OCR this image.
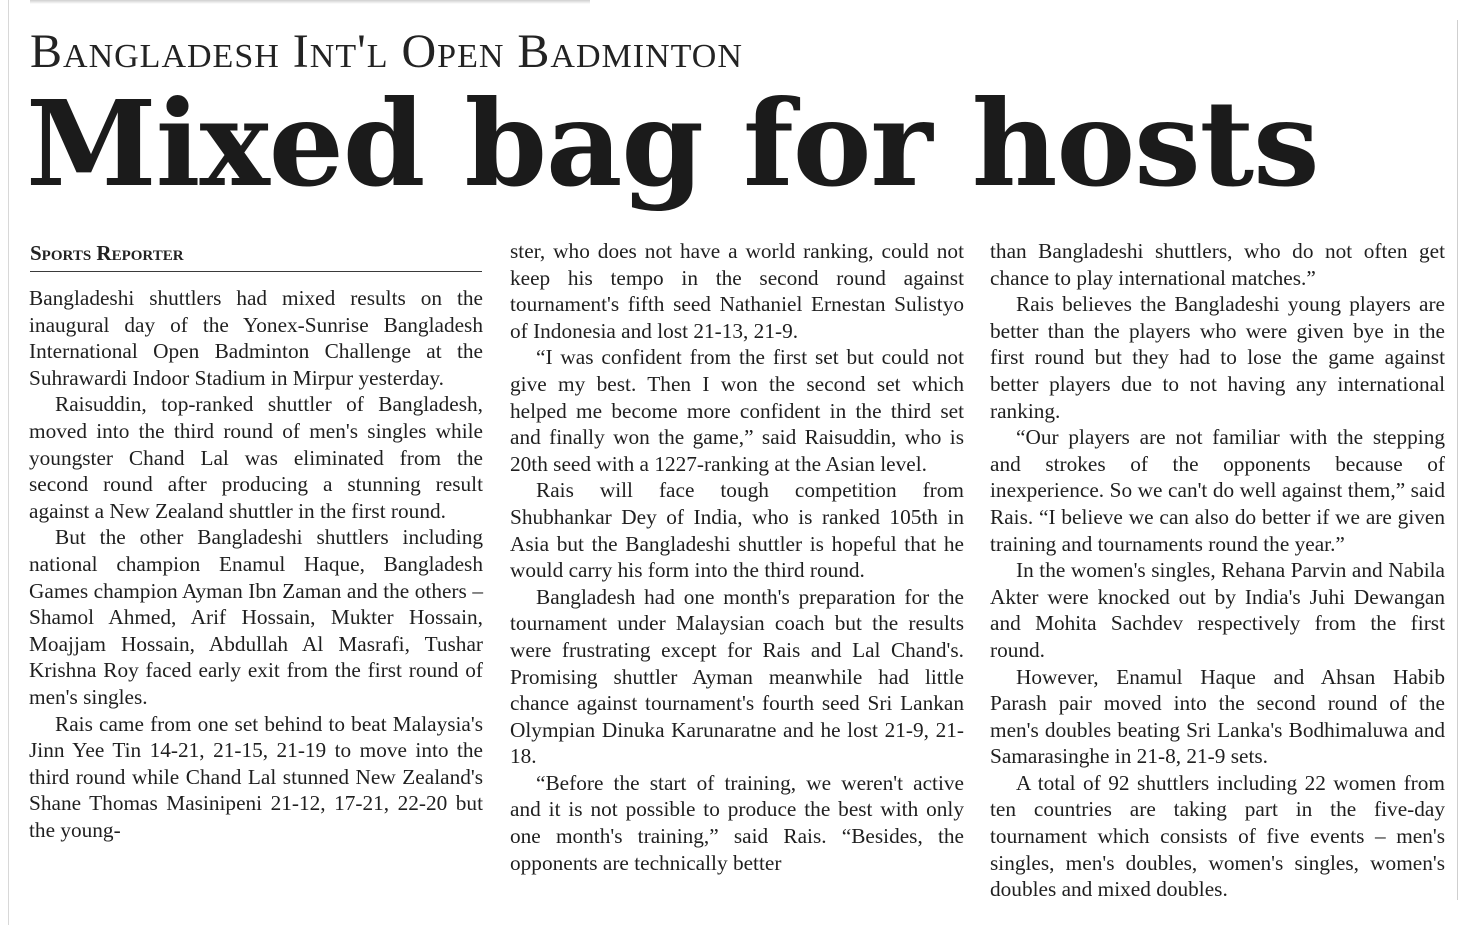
Bangladesh Int'l Open Badminton
Mixed bag for hosts
Sports Reporter

Bangladeshi shuttlers had mixed results on the inaugural day of the Yonex-Sunrise Bangladesh International Open Badminton Challenge at the Suhrawardi Indoor Stadium in Mirpur yesterday.

Raisuddin, top-ranked shuttler of Bangladesh, moved into the third round of men's singles while youngster Chand Lal was eliminated from the second round after producing a stunning result against a New Zealand shuttler in the first round.

But the other Bangladeshi shuttlers including national champion Enamul Haque, Bangladesh Games champion Ayman Ibn Zaman and the others – Shamol Ahmed, Arif Hossain, Mukter Hossain, Moajjam Hossain, Abdullah Al Masrafi, Tushar Krishna Roy faced early exit from the first round of men's singles.

Rais came from one set behind to beat Malaysia's Jinn Yee Tin 14-21, 21-15, 21-19 to move into the third round while Chand Lal stunned New Zealand's Shane Thomas Masinipeni 21-12, 17-21, 22-20 but the young-

ster, who does not have a world ranking, could not keep his tempo in the second round against tournament's fifth seed Nathaniel Ernestan Sulistyo of Indonesia and lost 21-13, 21-9.

“I was confident from the first set but could not give my best. Then I won the second set which helped me become more confident in the third set and finally won the game,” said Raisuddin, who is 20th seed with a 1227-ranking at the Asian level.

Rais will face tough competition from Shubhankar Dey of India, who is ranked 105th in Asia but the Bangladeshi shuttler is hopeful that he would carry his form into the third round.

Bangladesh had one month's preparation for the tournament under Malaysian coach but the results were frustrating except for Rais and Lal Chand's. Promising shuttler Ayman meanwhile had little chance against tournament's fourth seed Sri Lankan Olympian Dinuka Karunaratne and he lost 21-9, 21-18.

“Before the start of training, we weren't active and it is not possible to produce the best with only one month's training,” said Rais. “Besides, the opponents are technically better

than Bangladeshi shuttlers, who do not often get chance to play international matches.”

Rais believes the Bangladeshi young players are better than the players who were given bye in the first round but they had to lose the game against better players due to not having any international ranking.

“Our players are not familiar with the stepping and strokes of the opponents because of inexperience. So we can't do well against them,” said Rais. “I believe we can also do better if we are given training and tournaments round the year.”

In the women's singles, Rehana Parvin and Nabila Akter were knocked out by India's Juhi Dewangan and Mohita Sachdev respectively from the first round.

However, Enamul Haque and Ahsan Habib Parash pair moved into the second round of the men's doubles beating Sri Lanka's Bodhimaluwa and Samarasinghe in 21-8, 21-9 sets.

A total of 92 shuttlers including 22 women from ten countries are taking part in the five-day tournament which consists of five events – men's singles, men's doubles, women's singles, women's doubles and mixed doubles.
